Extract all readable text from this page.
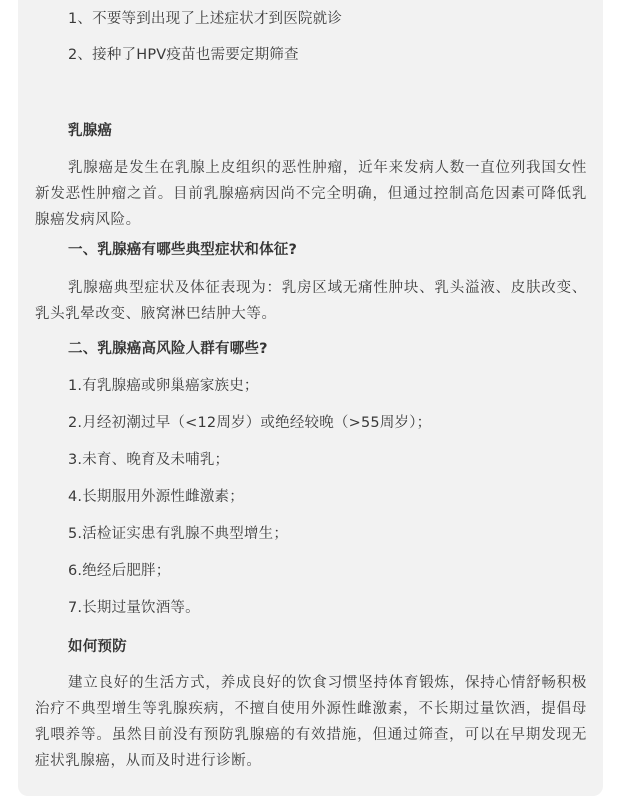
1、不要等到出现了上述症状才到医院就诊
2、接种了HPV疫苗也需要定期筛查
乳腺癌
乳腺癌是发生在乳腺上皮组织的恶性肿瘤，近年来发病人数一直位列我国女性新发恶性肿瘤之首。目前乳腺癌病因尚不完全明确，但通过控制高危因素可降低乳腺癌发病风险。
一、乳腺癌有哪些典型症状和体征?
乳腺癌典型症状及体征表现为：乳房区域无痛性肿块、乳头溢液、皮肤改变、乳头乳晕改变、腋窝淋巴结肿大等。
二、乳腺癌高风险人群有哪些?
1.有乳腺癌或卵巢癌家族史；
2.月经初潮过早（<12周岁）或绝经较晚（>55周岁）；
3.未育、晚育及未哺乳；
4.长期服用外源性雌激素；
5.活检证实患有乳腺不典型增生；
6.绝经后肥胖；
7.长期过量饮酒等。
如何预防
建立良好的生活方式，养成良好的饮食习惯坚持体育锻炼，保持心情舒畅积极治疗不典型增生等乳腺疾病，不擅自使用外源性雌激素，不长期过量饮酒，提倡母乳喂养等。虽然目前没有预防乳腺癌的有效措施，但通过筛查，可以在早期发现无症状乳腺癌，从而及时进行诊断。
